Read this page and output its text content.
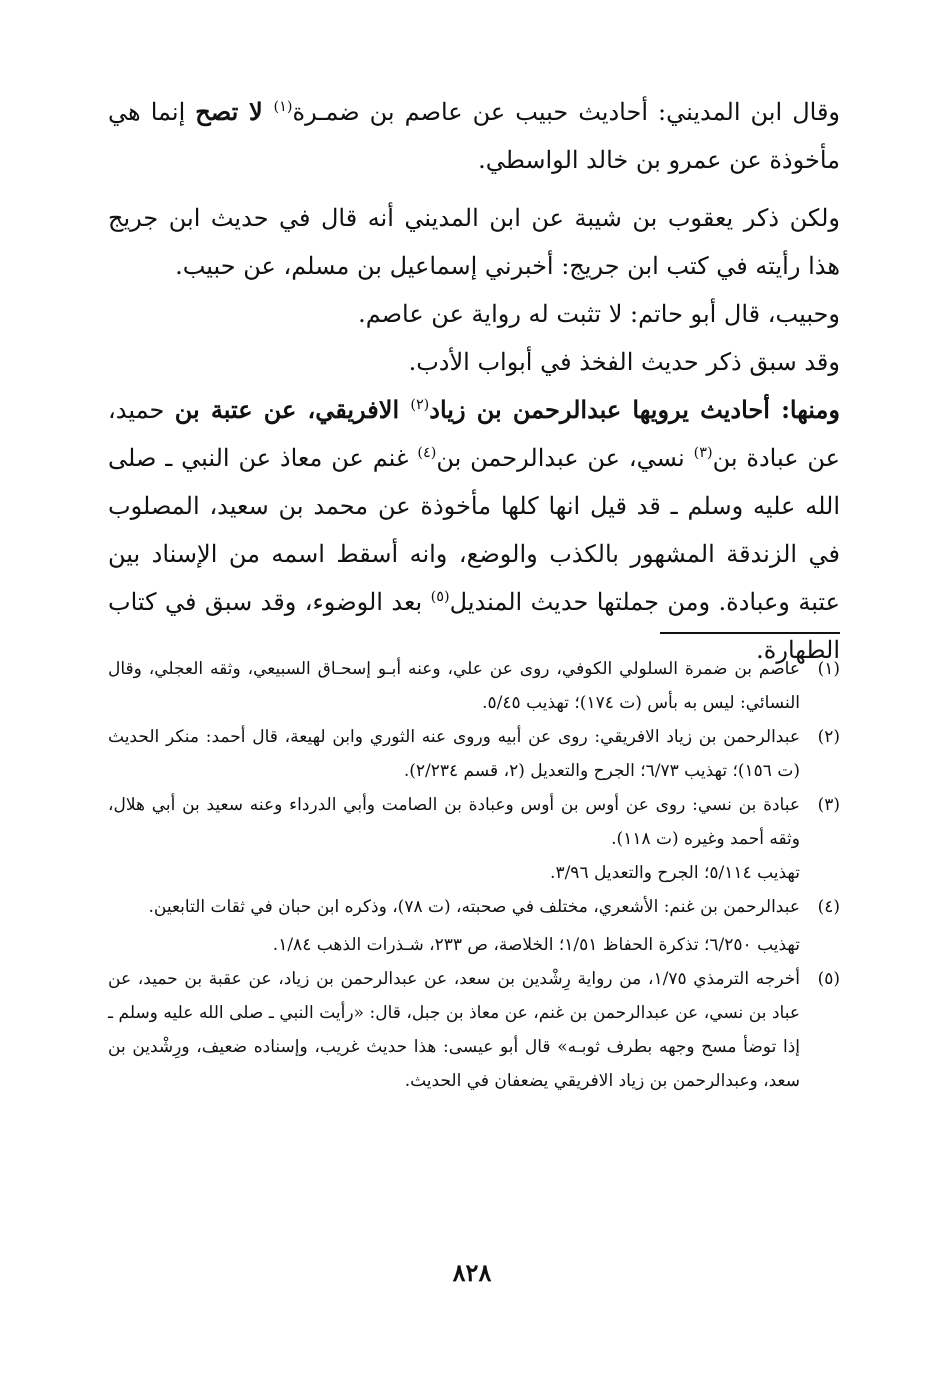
وقال ابن المديني: أحاديث حبيب عن عاصم بن ضمـرة$^{(١)}$ لا تصح إنما هي مأخوذة عن عمرو بن خالد الواسطي.

ولكن ذكر يعقوب بن شيبة عن ابن المديني أنه قال في حديث ابن جريج هذا رأيته في كتب ابن جريج: أخبرني إسماعيل بن مسلم، عن حبيب.

وحبيب، قال أبو حاتم: لا تثبت له رواية عن عاصم.

وقد سبق ذكر حديث الفخذ في أبواب الأدب.

ومنها: أحاديث يرويها عبدالرحمن بن زياد$^{(٢)}$ الافريقي، عن عتبة بن حميد، عن عبادة بن$^{(٣)}$ نسي، عن عبدالرحمن بن$^{(٤)}$ غنم عن معاذ عن النبي ـ صلى الله عليه وسلم ـ قد قيل انها كلها مأخوذة عن محمد بن سعيد، المصلوب في الزندقة المشهور بالكذب والوضع، وانه أسقط اسمه من الإسناد بين عتبة وعبادة. ومن جملتها حديث المنديل$^{(٥)}$ بعد الوضوء، وقد سبق في كتاب الطهارة.

(١)
عاصم بن ضمرة السلولي الكوفي، روى عن علي، وعنه أبـو إسحـاق السبيعي، وثقه العجلي، وقال النسائي: ليس به بأس (ت ١٧٤)؛ تهذيب ٥/٤٥.
(٢)
عبدالرحمن بن زياد الافريقي: روى عن أبيه وروى عنه الثوري وابن لهيعة، قال أحمد: منكر الحديث (ت ١٥٦)؛ تهذيب ٦/٧٣؛ الجرح والتعديل (٢، قسم ٢/٢٣٤).
(٣)
عبادة بن نسي: روى عن أوس بن أوس وعبادة بن الصامت وأبي الدرداء وعنه سعيد بن أبي هلال، وثقه أحمد وغيره (ت ١١٨).
تهذيب ٥/١١٤؛ الجرح والتعديل ٣/٩٦.
(٤)
عبدالرحمن بن غنم: الأشعري، مختلف في صحبته، (ت ٧٨)، وذكره ابن حبان في ثقات التابعين.
تهذيب ٦/٢٥٠؛ تذكرة الحفاظ ١/٥١؛ الخلاصة، ص ٢٣٣، شـذرات الذهب ١/٨٤.
(٥)
أخرجه الترمذي ١/٧٥، من رواية رِشْدين بن سعد، عن عبدالرحمن بن زياد، عن عقبة بن حميد، عن عباد بن نسي، عن عبدالرحمن بن غنم، عن معاذ بن جبل، قال: «رأيت النبي ـ صلى الله عليه وسلم ـ إذا توضأ مسح وجهه بطرف ثوبـه» قال أبو عيسى: هذا حديث غريب، وإسناده ضعيف، ورِشْدين بن سعد، وعبدالرحمن بن زياد الافريقي يضعفان في الحديث.
٨٢٨
